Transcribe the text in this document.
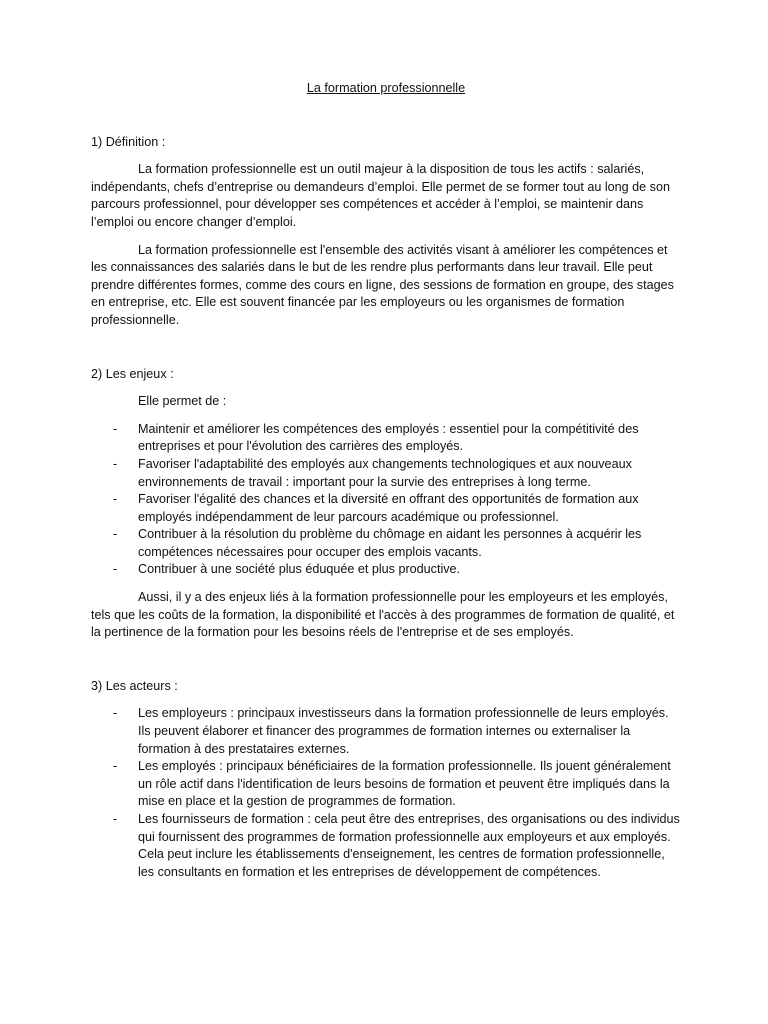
La formation professionnelle
1) Définition :

La formation professionnelle est un outil majeur à la disposition de tous les actifs : salariés, indépendants, chefs d’entreprise ou demandeurs d’emploi. Elle permet de se former tout au long de son parcours professionnel, pour développer ses compétences et accéder à l’emploi, se maintenir dans l’emploi ou encore changer d’emploi.

La formation professionnelle est l'ensemble des activités visant à améliorer les compétences et les connaissances des salariés dans le but de les rendre plus performants dans leur travail. Elle peut prendre différentes formes, comme des cours en ligne, des sessions de formation en groupe, des stages en entreprise, etc. Elle est souvent financée par les employeurs ou les organismes de formation professionnelle.

2) Les enjeux :
Elle permet de :
- Maintenir et améliorer les compétences des employés : essentiel pour la compétitivité des entreprises et pour l'évolution des carrières des employés.
- Favoriser l'adaptabilité des employés aux changements technologiques et aux nouveaux environnements de travail : important pour la survie des entreprises à long terme.
- Favoriser l'égalité des chances et la diversité en offrant des opportunités de formation aux employés indépendamment de leur parcours académique ou professionnel.
- Contribuer à la résolution du problème du chômage en aidant les personnes à acquérir les compétences nécessaires pour occuper des emplois vacants.
- Contribuer à une société plus éduquée et plus productive.

Aussi, il y a des enjeux liés à la formation professionnelle pour les employeurs et les employés, tels que les coûts de la formation, la disponibilité et l'accès à des programmes de formation de qualité, et la pertinence de la formation pour les besoins réels de l'entreprise et de ses employés.

3) Les acteurs :
- Les employeurs : principaux investisseurs dans la formation professionnelle de leurs employés. Ils peuvent élaborer et financer des programmes de formation internes ou externaliser la formation à des prestataires externes.
- Les employés : principaux bénéficiaires de la formation professionnelle. Ils jouent généralement un rôle actif dans l'identification de leurs besoins de formation et peuvent être impliqués dans la mise en place et la gestion de programmes de formation.
- Les fournisseurs de formation : cela peut être des entreprises, des organisations ou des individus qui fournissent des programmes de formation professionnelle aux employeurs et aux employés. Cela peut inclure les établissements d'enseignement, les centres de formation professionnelle, les consultants en formation et les entreprises de développement de compétences.
